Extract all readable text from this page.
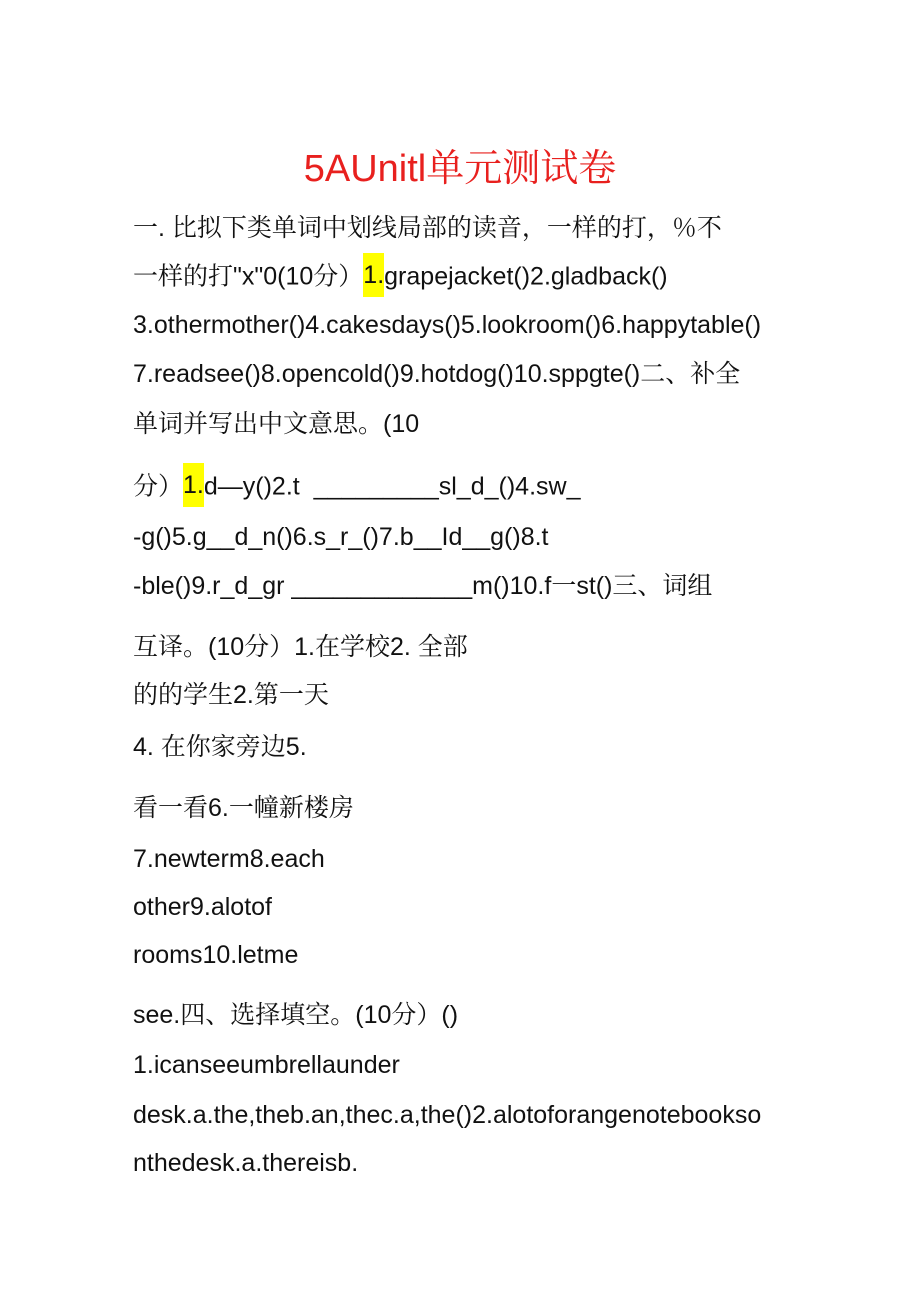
5AUnitl单元测试卷
一. 比拟下类单词中划线局部的读音，一样的打，％不
一样的打"x"0(10分）1.grapejacket()2.gladback()
3.othermother()4.cakesdays()5.lookroom()6.happytable()
7.readsee()8.opencold()9.hotdog()10.sppgte()二、补全
单词并写出中文意思。(10
分）1.d—y()2.t  _________sl_d_()4.sw_
-g()5.g__d_n()6.s_r_()7.b__Id__g()8.t
-ble()9.r_d_gr _____________m()10.f一st()三、词组
互译。(10分）1.在学校2. 全部
的的学生2.第一天
4. 在你家旁边5.
看一看6.一幢新楼房
7.newterm8.each
other9.alotof
rooms10.letme
see.四、选择填空。(10分）()
1.icanseeumbrellaunder
desk.a.the,theb.an,thec.a,the()2.alotoforangenotebookso
nthedesk.a.thereisb.
